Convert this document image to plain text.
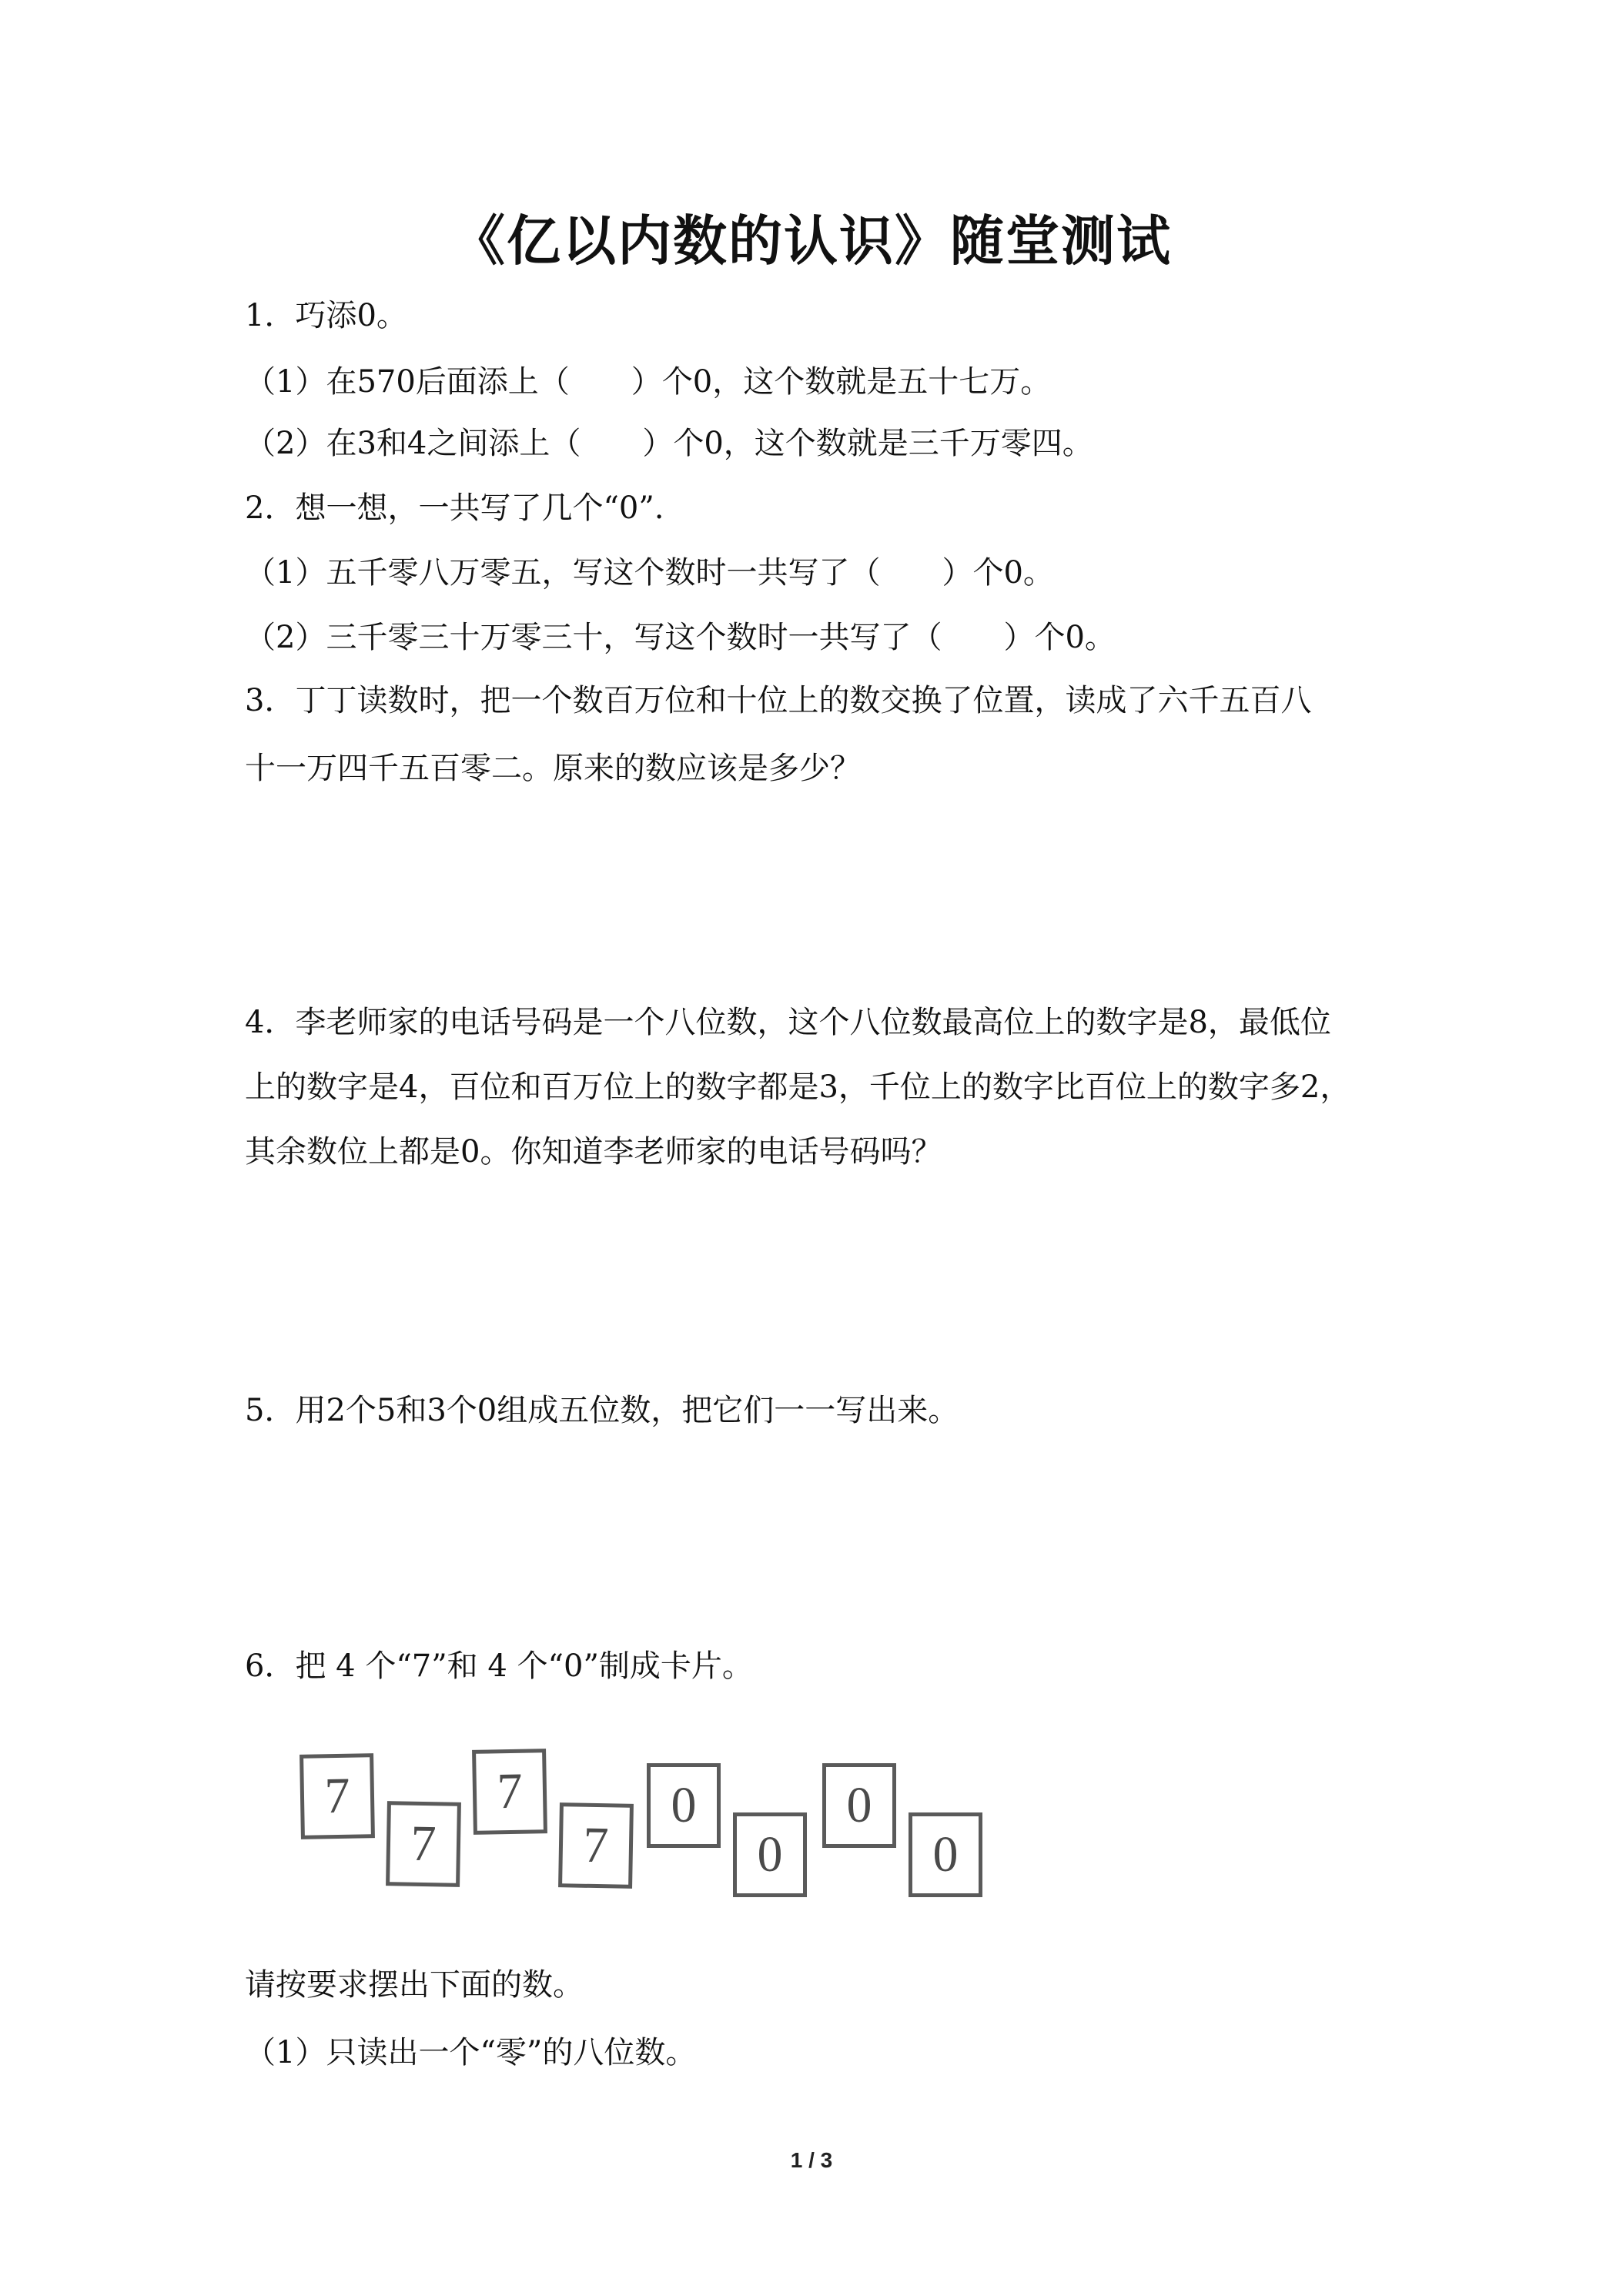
《亿以内数的认识》随堂测试
1．巧添0。
（1）在570后面添上（　　）个0，这个数就是五十七万。
（2）在3和4之间添上（　　）个0，这个数就是三千万零四。
2．想一想，一共写了几个“0”.
（1）五千零八万零五，写这个数时一共写了（　　）个0。
（2）三千零三十万零三十，写这个数时一共写了（　　）个0。
3．丁丁读数时，把一个数百万位和十位上的数交换了位置，读成了六千五百八
十一万四千五百零二。原来的数应该是多少？
4．李老师家的电话号码是一个八位数，这个八位数最高位上的数字是8，最低位
上的数字是4，百位和百万位上的数字都是3，千位上的数字比百位上的数字多2，
其余数位上都是0。你知道李老师家的电话号码吗？
5．用2个5和3个0组成五位数，把它们一一写出来。
6．把 4 个“7”和 4 个“0”制成卡片。
7
7
7
7
0
0
0
0
请按要求摆出下面的数。
（1）只读出一个“零”的八位数。
1 / 3
